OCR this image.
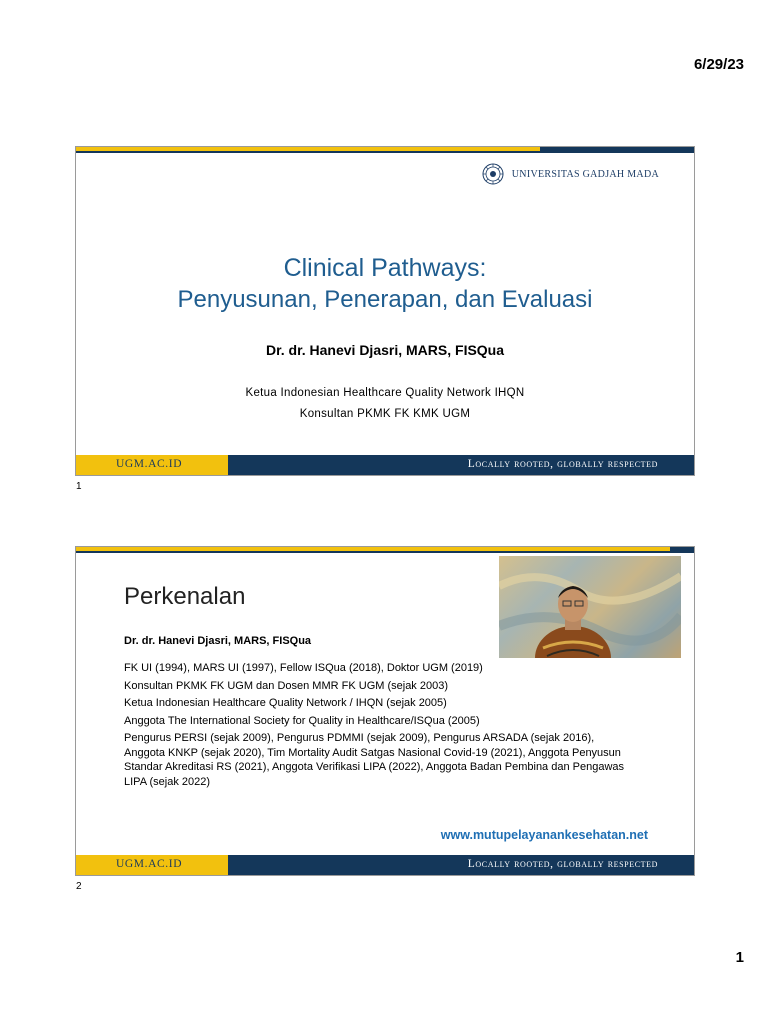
6/29/23
UNIVERSITAS GADJAH MADA
Clinical Pathways:
Penyusunan, Penerapan, dan Evaluasi
Dr. dr. Hanevi Djasri, MARS, FISQua
Ketua Indonesian Healthcare Quality Network IHQN
Konsultan PKMK FK KMK UGM
UGM.AC.ID	Locally rooted, globally respected
1
Perkenalan
Dr. dr. Hanevi Djasri, MARS, FISQua
FK UI (1994), MARS UI (1997), Fellow ISQua (2018), Doktor UGM (2019)
Konsultan PKMK FK UGM dan Dosen MMR FK UGM (sejak 2003)
Ketua Indonesian Healthcare Quality Network / IHQN (sejak 2005)
Anggota The International Society for Quality in Healthcare/ISQua (2005)
Pengurus PERSI (sejak 2009), Pengurus PDMMI (sejak 2009), Pengurus ARSADA (sejak 2016), Anggota KNKP (sejak 2020), Tim Mortality Audit Satgas Nasional Covid-19 (2021), Anggota Penyusun Standar Akreditasi RS (2021), Anggota Verifikasi LIPA (2022), Anggota Badan Pembina dan Pengawas LIPA (sejak 2022)
www.mutupelayanankesehatan.net
UGM.AC.ID	Locally rooted, globally respected
2
1
